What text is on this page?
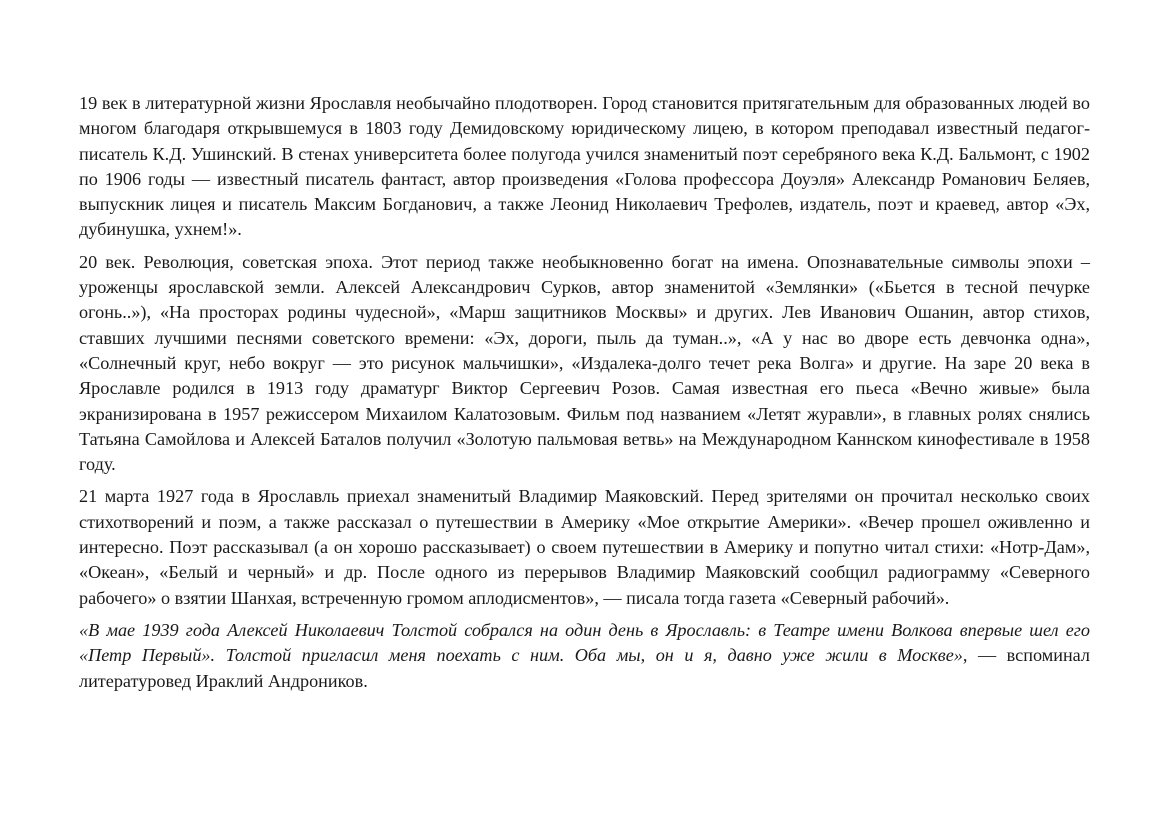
19 век в литературной жизни Ярославля необычайно плодотворен. Город становится притягательным для образованных людей во многом благодаря открывшемуся в 1803 году Демидовскому юридическому лицею, в котором преподавал известный педагог-писатель К.Д. Ушинский. В стенах университета более полугода учился знаменитый поэт серебряного века К.Д. Бальмонт, с 1902 по 1906 годы — известный писатель фантаст, автор произведения «Голова профессора Доуэля» Александр Романович Беляев, выпускник лицея и писатель Максим Богданович, а также Леонид Николаевич Трефолев, издатель, поэт и краевед, автор «Эх, дубинушка, ухнем!».

20 век. Революция, советская эпоха. Этот период также необыкновенно богат на имена. Опознавательные символы эпохи – уроженцы ярославской земли. Алексей Александрович Сурков, автор знаменитой «Землянки» («Бьется в тесной печурке огонь..»), «На просторах родины чудесной», «Марш защитников Москвы» и других. Лев Иванович Ошанин, автор стихов, ставших лучшими песнями советского времени: «Эх, дороги, пыль да туман..», «А у нас во дворе есть девчонка одна», «Солнечный круг, небо вокруг — это рисунок мальчишки», «Издалека-долго течет река Волга» и другие. На заре 20 века в Ярославле родился в 1913 году драматург Виктор Сергеевич Розов. Самая известная его пьеса «Вечно живые» была экранизирована в 1957 режиссером Михаилом Калатозовым. Фильм под названием «Летят журавли», в главных ролях снялись Татьяна Самойлова и Алексей Баталов получил «Золотую пальмовая ветвь» на Международном Каннском кинофестивале в 1958 году.

21 марта 1927 года в Ярославль приехал знаменитый Владимир Маяковский. Перед зрителями он прочитал несколько своих стихотворений и поэм, а также рассказал о путешествии в Америку «Мое открытие Америки». «Вечер прошел оживленно и интересно. Поэт рассказывал (а он хорошо рассказывает) о своем путешествии в Америку и попутно читал стихи: «Нотр-Дам», «Океан», «Белый и черный» и др. После одного из перерывов Владимир Маяковский сообщил радиограмму «Северного рабочего» о взятии Шанхая, встреченную громом аплодисментов», — писала тогда газета «Северный рабочий».

«В мае 1939 года Алексей Николаевич Толстой собрался на один день в Ярославль: в Театре имени Волкова впервые шел его «Петр Первый». Толстой пригласил меня поехать с ним. Оба мы, он и я, давно уже жили в Москве», — вспоминал литературовед Ираклий Андроников.
